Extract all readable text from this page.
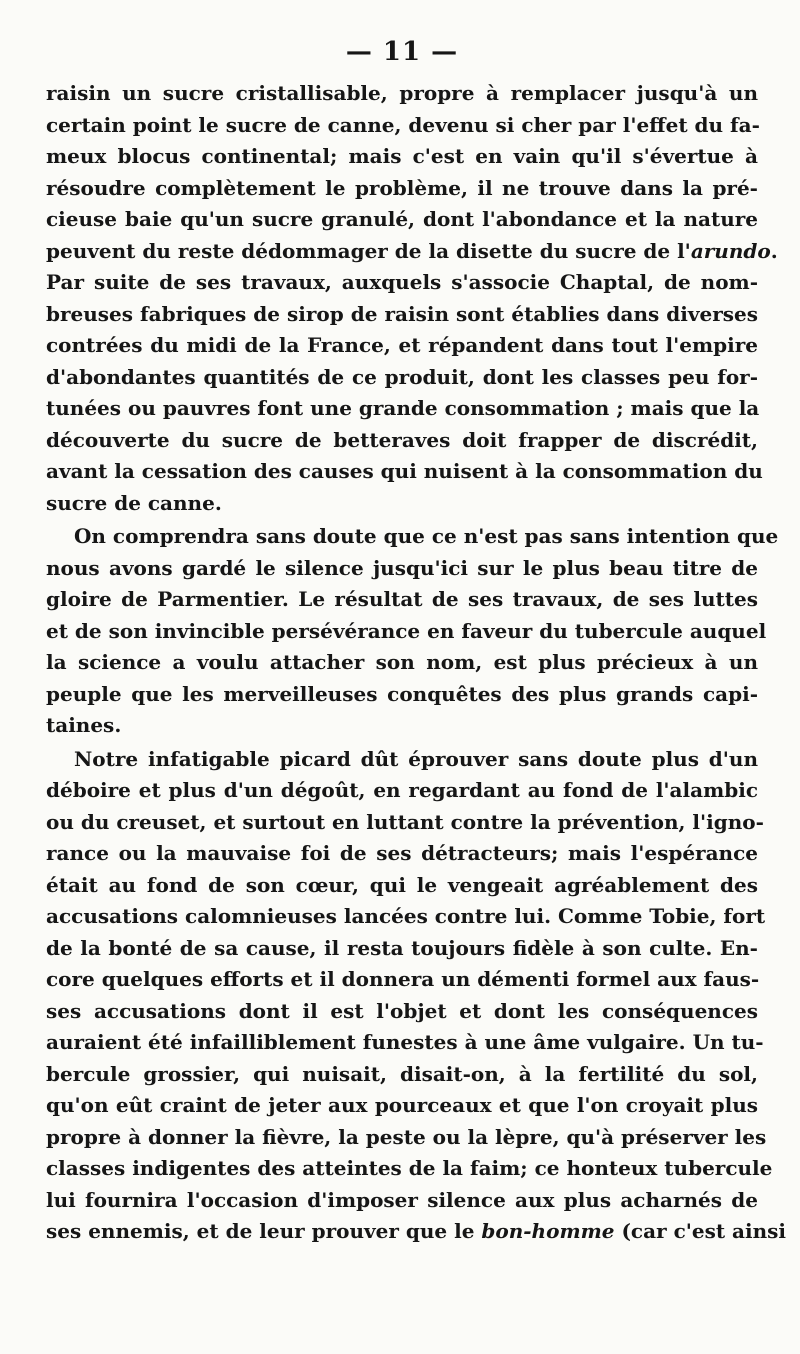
— 11 —
raisin un sucre cristallisable, propre à remplacer jusqu'à un
certain point le sucre de canne, devenu si cher par l'effet du fa-
meux blocus continental; mais c'est en vain qu'il s'évertue à
résoudre complètement le problème, il ne trouve dans la pré-
cieuse baie qu'un sucre granulé, dont l'abondance et la nature
peuvent du reste dédommager de la disette du sucre de l'arundo.
Par suite de ses travaux, auxquels s'associe Chaptal, de nom-
breuses fabriques de sirop de raisin sont établies dans diverses
contrées du midi de la France, et répandent dans tout l'empire
d'abondantes quantités de ce produit, dont les classes peu for-
tunées ou pauvres font une grande consommation ; mais que la
découverte du sucre de betteraves doit frapper de discrédit,
avant la cessation des causes qui nuisent à la consommation du
sucre de canne.
On comprendra sans doute que ce n'est pas sans intention que
nous avons gardé le silence jusqu'ici sur le plus beau titre de
gloire de Parmentier. Le résultat de ses travaux, de ses luttes
et de son invincible persévérance en faveur du tubercule auquel
la science a voulu attacher son nom, est plus précieux à un
peuple que les merveilleuses conquêtes des plus grands capi-
taines.
Notre infatigable picard dût éprouver sans doute plus d'un
déboire et plus d'un dégoût, en regardant au fond de l'alambic
ou du creuset, et surtout en luttant contre la prévention, l'igno-
rance ou la mauvaise foi de ses détracteurs; mais l'espérance
était au fond de son cœur, qui le vengeait agréablement des
accusations calomnieuses lancées contre lui. Comme Tobie, fort
de la bonté de sa cause, il resta toujours fidèle à son culte. En-
core quelques efforts et il donnera un démenti formel aux faus-
ses accusations dont il est l'objet et dont les conséquences
auraient été infailliblement funestes à une âme vulgaire. Un tu-
bercule grossier, qui nuisait, disait-on, à la fertilité du sol,
qu'on eût craint de jeter aux pourceaux et que l'on croyait plus
propre à donner la fièvre, la peste ou la lèpre, qu'à préserver les
classes indigentes des atteintes de la faim; ce honteux tubercule
lui fournira l'occasion d'imposer silence aux plus acharnés de
ses ennemis, et de leur prouver que le bon-homme (car c'est ainsi
